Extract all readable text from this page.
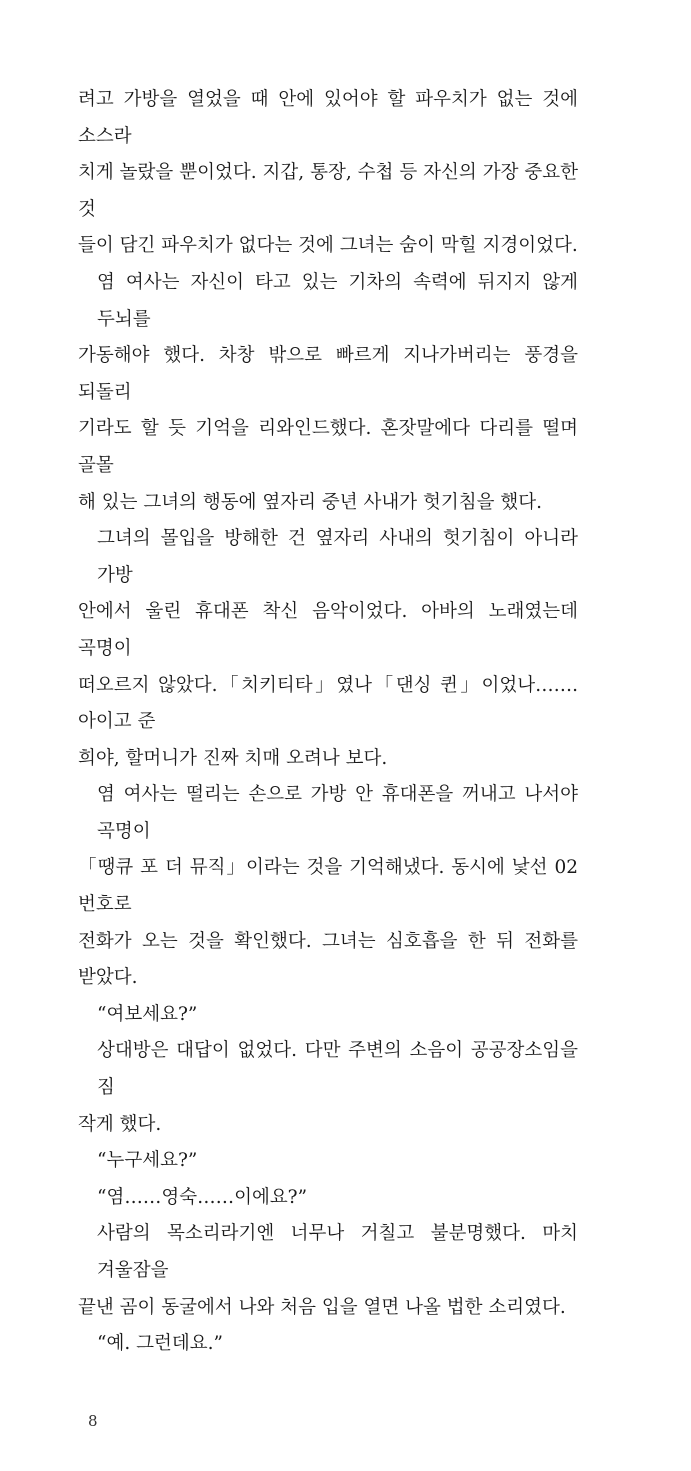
려고 가방을 열었을 때 안에 있어야 할 파우치가 없는 것에 소스라
치게 놀랐을 뿐이었다. 지갑, 통장, 수첩 등 자신의 가장 중요한 것
들이 담긴 파우치가 없다는 것에 그녀는 숨이 막힐 지경이었다.
염 여사는 자신이 타고 있는 기차의 속력에 뒤지지 않게 두뇌를
가동해야 했다. 차창 밖으로 빠르게 지나가버리는 풍경을 되돌리
기라도 할 듯 기억을 리와인드했다. 혼잣말에다 다리를 떨며 골몰
해 있는 그녀의 행동에 옆자리 중년 사내가 헛기침을 했다.
그녀의 몰입을 방해한 건 옆자리 사내의 헛기침이 아니라 가방
안에서 울린 휴대폰 착신 음악이었다. 아바의 노래였는데 곡명이
떠오르지 않았다.「치키티타」였나「댄싱 퀸」이었나……. 아이고 준
희야, 할머니가 진짜 치매 오려나 보다.
염 여사는 떨리는 손으로 가방 안 휴대폰을 꺼내고 나서야 곡명이
「땡큐 포 더 뮤직」이라는 것을 기억해냈다. 동시에 낯선 02 번호로
전화가 오는 것을 확인했다. 그녀는 심호흡을 한 뒤 전화를 받았다.
“여보세요?”
상대방은 대답이 없었다. 다만 주변의 소음이 공공장소임을 짐
작게 했다.
“누구세요?”
“염……영숙……이에요?”
사람의 목소리라기엔 너무나 거칠고 불분명했다. 마치 겨울잠을
끝낸 곰이 동굴에서 나와 처음 입을 열면 나올 법한 소리였다.
“예. 그런데요.”
8
